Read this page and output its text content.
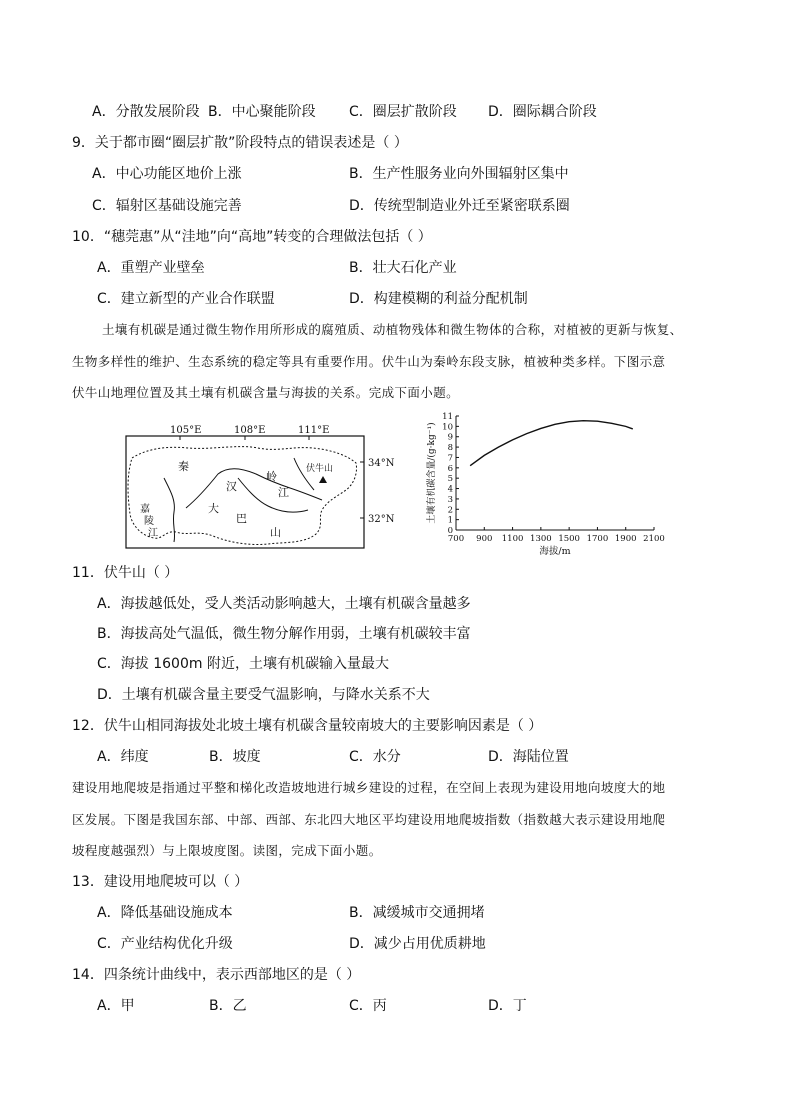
A．分散发展阶段 B．中心聚能阶段 C．圈层扩散阶段 D．圈际耦合阶段
9．关于都市圈“圈层扩散”阶段特点的错误表述是（ ）
A．中心功能区地价上涨	B．生产性服务业向外围辐射区集中
C．辐射区基础设施完善	D．传统型制造业外迁至紧密联系圈
10．“穗莞惠”从“洼地”向“高地”转变的合理做法包括（ ）
A．重塑产业壁垒	B．壮大石化产业
C．建立新型的产业合作联盟	D．构建模糊的利益分配机制
土壤有机碳是通过微生物作用所形成的腐殖质、动植物残体和微生物体的合称，对植被的更新与恢复、
生物多样性的维护、生态系统的稳定等具有重要作用。伏牛山为秦岭东段支脉，植被种类多样。下图示意
伏牛山地理位置及其土壤有机碳含量与海拔的关系。完成下面小题。
105°E	108°E	111°E
34°N
32°N
秦
岭
汉	江
大
巴
山
嘉
陵
江
伏牛山
700 900 1100 1300 1500 1700 1900 2100
0
1
2
3
4
5
6
7
8
9
10
11
土壤有机碳含量/(g·kg⁻¹)
海拔/m
11．伏牛山（ ）
A．海拔越低处，受人类活动影响越大，土壤有机碳含量越多
B．海拔高处气温低，微生物分解作用弱，土壤有机碳较丰富
C．海拔 1600m 附近，土壤有机碳输入量最大
D．土壤有机碳含量主要受气温影响，与降水关系不大
12．伏牛山相同海拔处北坡土壤有机碳含量较南坡大的主要影响因素是（ ）
A．纬度	B．坡度	C．水分	D．海陆位置
建设用地爬坡是指通过平整和梯化改造坡地进行城乡建设的过程，在空间上表现为建设用地向坡度大的地
区发展。下图是我国东部、中部、西部、东北四大地区平均建设用地爬坡指数（指数越大表示建设用地爬
坡程度越强烈）与上限坡度图。读图，完成下面小题。
13．建设用地爬坡可以（ ）
A．降低基础设施成本	B．减缓城市交通拥堵
C．产业结构优化升级	D．减少占用优质耕地
14．四条统计曲线中，表示西部地区的是（ ）
A．甲	B．乙	C．丙	D．丁
